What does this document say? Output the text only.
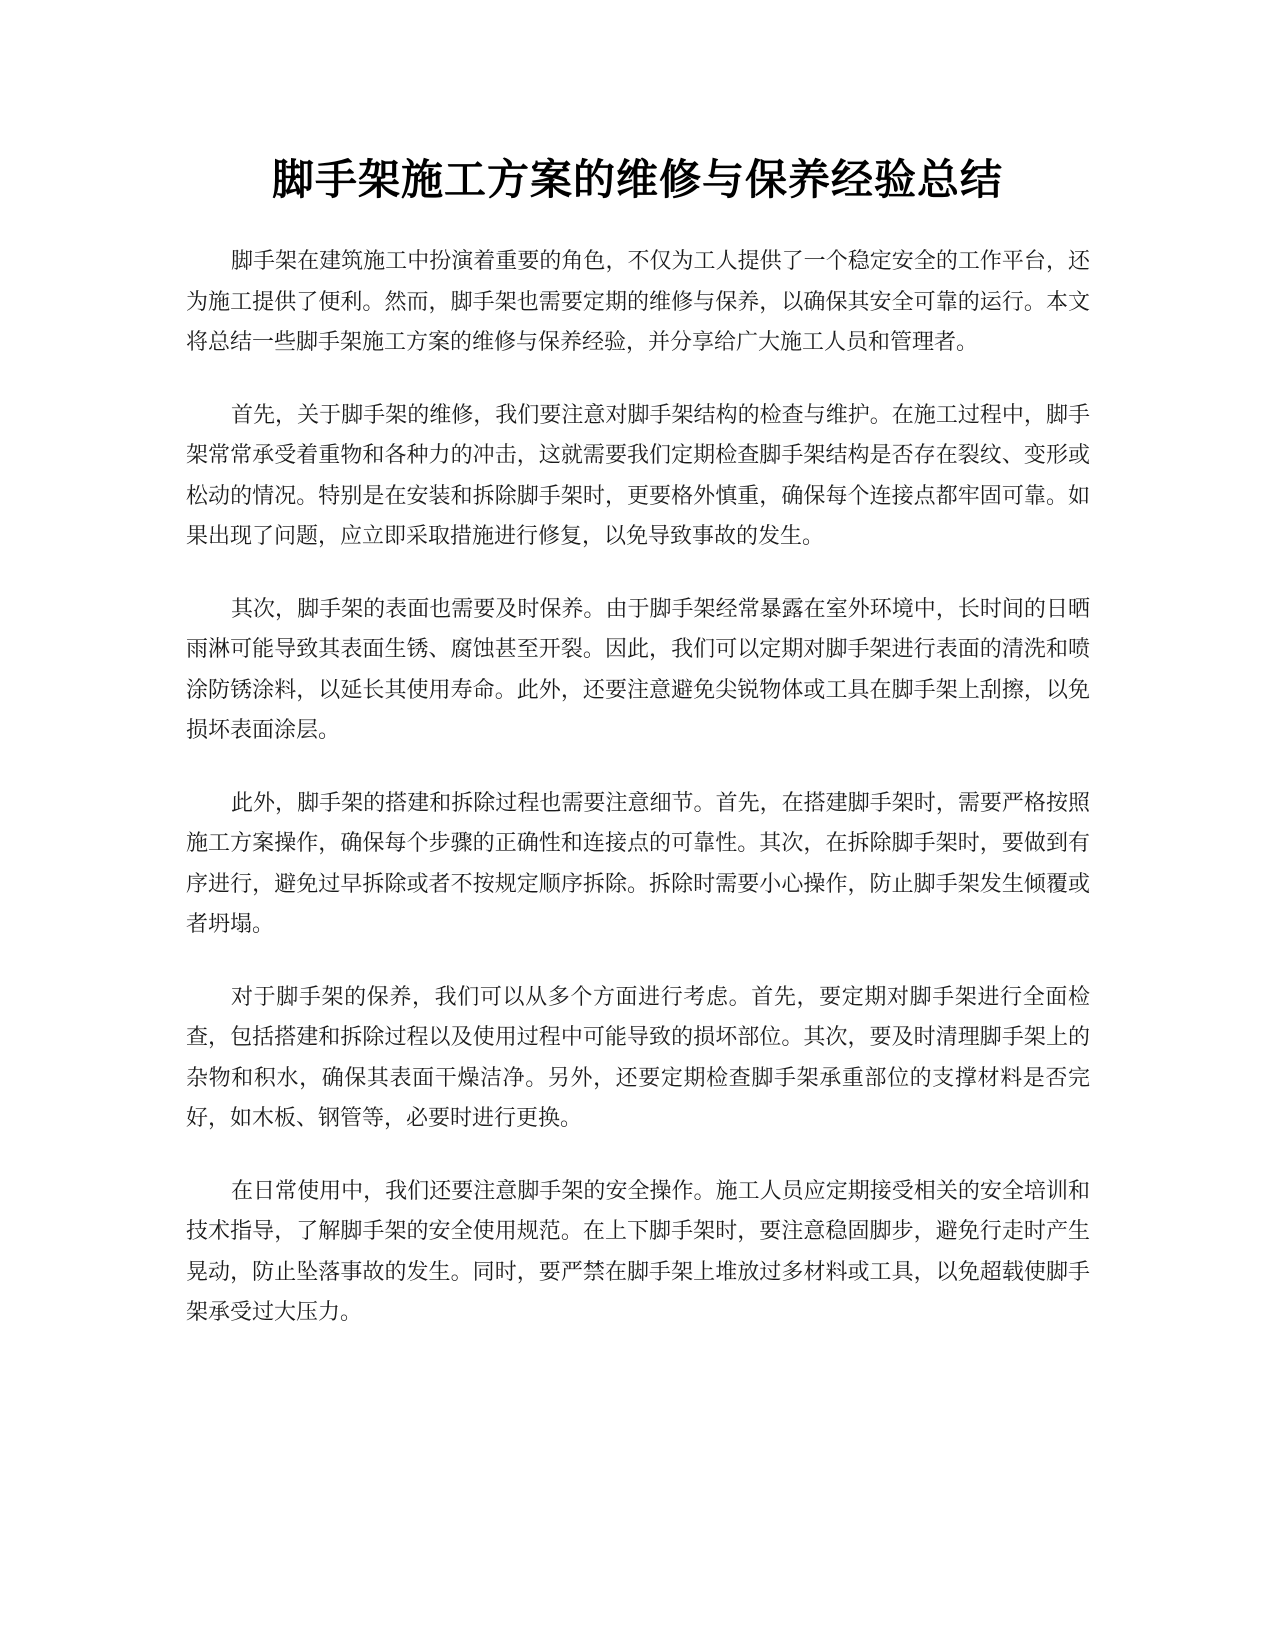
脚手架施工方案的维修与保养经验总结

脚手架在建筑施工中扮演着重要的角色，不仅为工人提供了一个稳定安全的工作平台，还为施工提供了便利。然而，脚手架也需要定期的维修与保养，以确保其安全可靠的运行。本文将总结一些脚手架施工方案的维修与保养经验，并分享给广大施工人员和管理者。

首先，关于脚手架的维修，我们要注意对脚手架结构的检查与维护。在施工过程中，脚手架常常承受着重物和各种力的冲击，这就需要我们定期检查脚手架结构是否存在裂纹、变形或松动的情况。特别是在安装和拆除脚手架时，更要格外慎重，确保每个连接点都牢固可靠。如果出现了问题，应立即采取措施进行修复，以免导致事故的发生。

其次，脚手架的表面也需要及时保养。由于脚手架经常暴露在室外环境中，长时间的日晒雨淋可能导致其表面生锈、腐蚀甚至开裂。因此，我们可以定期对脚手架进行表面的清洗和喷涂防锈涂料，以延长其使用寿命。此外，还要注意避免尖锐物体或工具在脚手架上刮擦，以免损坏表面涂层。

此外，脚手架的搭建和拆除过程也需要注意细节。首先，在搭建脚手架时，需要严格按照施工方案操作，确保每个步骤的正确性和连接点的可靠性。其次，在拆除脚手架时，要做到有序进行，避免过早拆除或者不按规定顺序拆除。拆除时需要小心操作，防止脚手架发生倾覆或者坍塌。

对于脚手架的保养，我们可以从多个方面进行考虑。首先，要定期对脚手架进行全面检查，包括搭建和拆除过程以及使用过程中可能导致的损坏部位。其次，要及时清理脚手架上的杂物和积水，确保其表面干燥洁净。另外，还要定期检查脚手架承重部位的支撑材料是否完好，如木板、钢管等，必要时进行更换。

在日常使用中，我们还要注意脚手架的安全操作。施工人员应定期接受相关的安全培训和技术指导，了解脚手架的安全使用规范。在上下脚手架时，要注意稳固脚步，避免行走时产生晃动，防止坠落事故的发生。同时，要严禁在脚手架上堆放过多材料或工具，以免超载使脚手架承受过大压力。
